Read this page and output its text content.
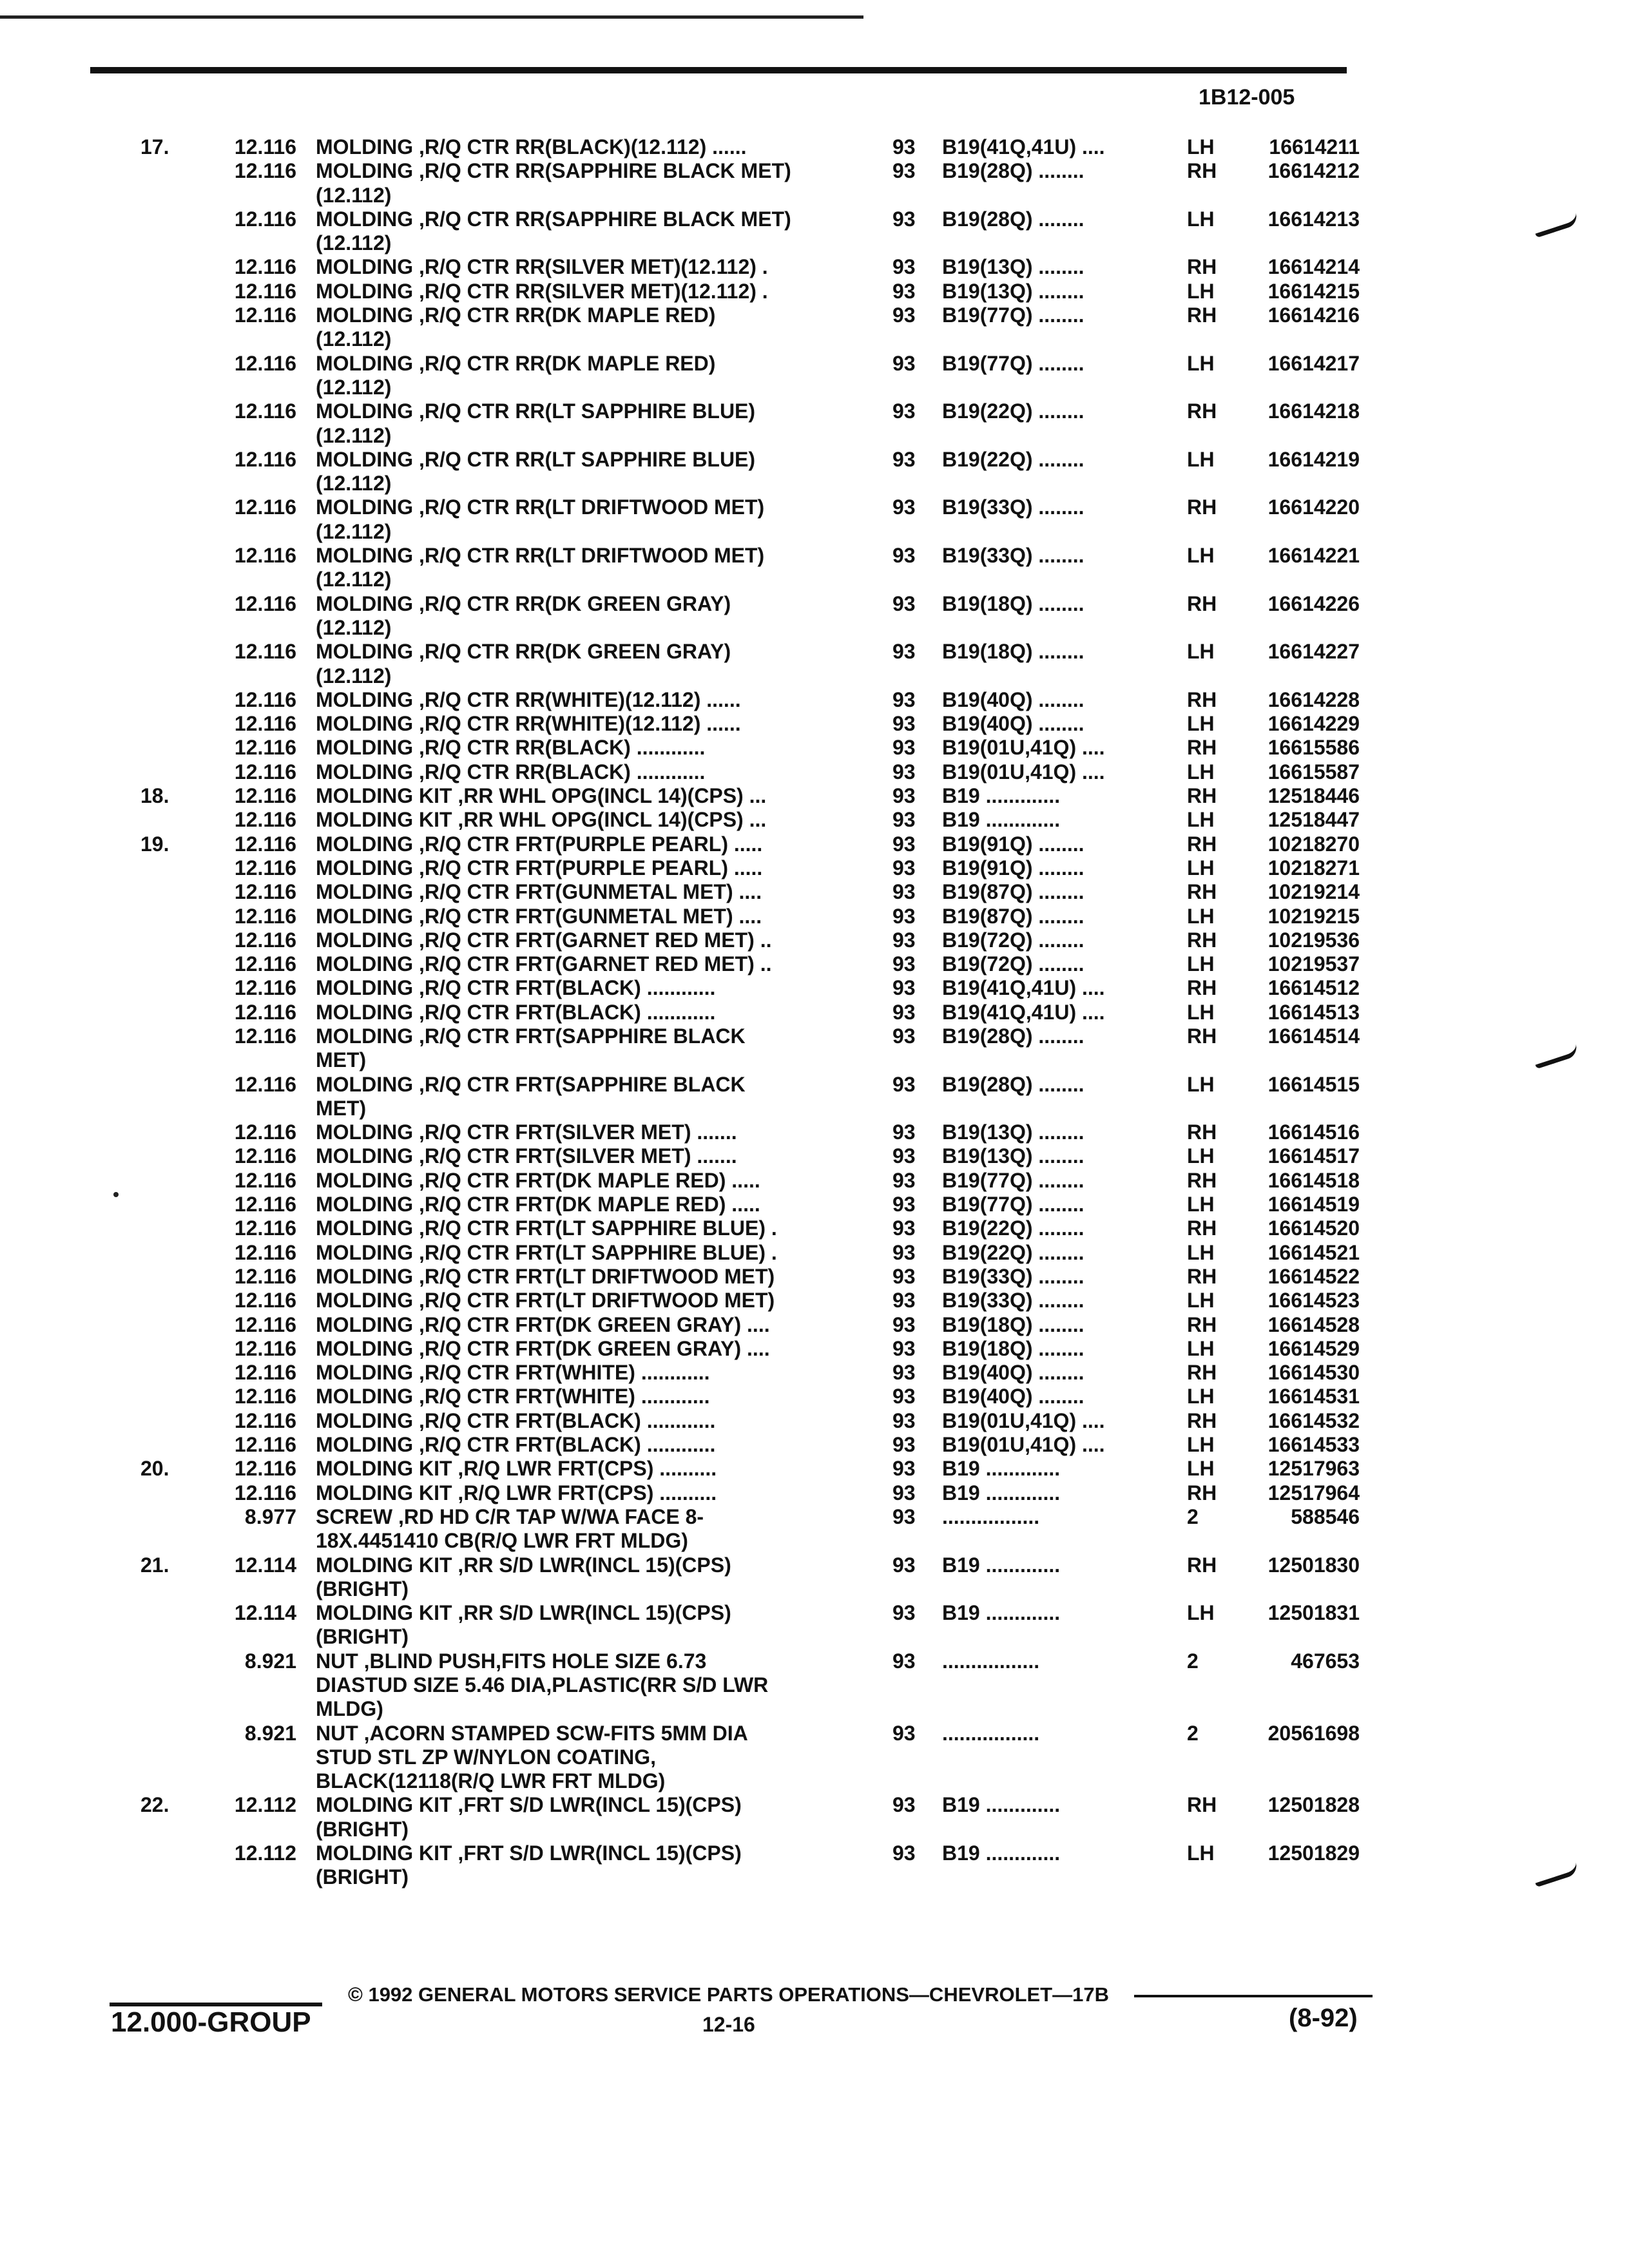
1B12-005
17.	12.116 MOLDING ,R/Q CTR RR(BLACK)(12.112) ......	93 B19(41Q,41U) ....	LH	16614211
12.116 MOLDING ,R/Q CTR RR(SAPPHIRE BLACK MET)	93 B19(28Q) ........	RH	16614212
(12.112)
12.116 MOLDING ,R/Q CTR RR(SAPPHIRE BLACK MET)	93 B19(28Q) ........	LH	16614213
(12.112)
12.116 MOLDING ,R/Q CTR RR(SILVER MET)(12.112) .	93 B19(13Q) ........	RH	16614214
12.116 MOLDING ,R/Q CTR RR(SILVER MET)(12.112) .	93 B19(13Q) ........	LH	16614215
12.116 MOLDING ,R/Q CTR RR(DK MAPLE RED)	93 B19(77Q) ........	RH	16614216
(12.112)
12.116 MOLDING ,R/Q CTR RR(DK MAPLE RED)	93 B19(77Q) ........	LH	16614217
(12.112)
12.116 MOLDING ,R/Q CTR RR(LT SAPPHIRE BLUE)	93 B19(22Q) ........	RH	16614218
(12.112)
12.116 MOLDING ,R/Q CTR RR(LT SAPPHIRE BLUE)	93 B19(22Q) ........	LH	16614219
(12.112)
12.116 MOLDING ,R/Q CTR RR(LT DRIFTWOOD MET)	93 B19(33Q) ........	RH	16614220
(12.112)
12.116 MOLDING ,R/Q CTR RR(LT DRIFTWOOD MET)	93 B19(33Q) ........	LH	16614221
(12.112)
12.116 MOLDING ,R/Q CTR RR(DK GREEN GRAY)	93 B19(18Q) ........	RH	16614226
(12.112)
12.116 MOLDING ,R/Q CTR RR(DK GREEN GRAY)	93 B19(18Q) ........	LH	16614227
(12.112)
12.116 MOLDING ,R/Q CTR RR(WHITE)(12.112) ......	93 B19(40Q) ........	RH	16614228
12.116 MOLDING ,R/Q CTR RR(WHITE)(12.112) ......	93 B19(40Q) ........	LH	16614229
12.116 MOLDING ,R/Q CTR RR(BLACK) ............	93 B19(01U,41Q) ....	RH	16615586
12.116 MOLDING ,R/Q CTR RR(BLACK) ............	93 B19(01U,41Q) ....	LH	16615587
18.	12.116 MOLDING KIT ,RR WHL OPG(INCL 14)(CPS) ...	93 B19 .............	RH	12518446
12.116 MOLDING KIT ,RR WHL OPG(INCL 14)(CPS) ...	93 B19 .............	LH	12518447
19.	12.116 MOLDING ,R/Q CTR FRT(PURPLE PEARL) .....	93 B19(91Q) ........	RH	10218270
12.116 MOLDING ,R/Q CTR FRT(PURPLE PEARL) .....	93 B19(91Q) ........	LH	10218271
12.116 MOLDING ,R/Q CTR FRT(GUNMETAL MET) ....	93 B19(87Q) ........	RH	10219214
12.116 MOLDING ,R/Q CTR FRT(GUNMETAL MET) ....	93 B19(87Q) ........	LH	10219215
12.116 MOLDING ,R/Q CTR FRT(GARNET RED MET) ..	93 B19(72Q) ........	RH	10219536
12.116 MOLDING ,R/Q CTR FRT(GARNET RED MET) ..	93 B19(72Q) ........	LH	10219537
12.116 MOLDING ,R/Q CTR FRT(BLACK) ............	93 B19(41Q,41U) ....	RH	16614512
12.116 MOLDING ,R/Q CTR FRT(BLACK) ............	93 B19(41Q,41U) ....	LH	16614513
12.116 MOLDING ,R/Q CTR FRT(SAPPHIRE BLACK	93 B19(28Q) ........	RH	16614514
MET)
12.116 MOLDING ,R/Q CTR FRT(SAPPHIRE BLACK	93 B19(28Q) ........	LH	16614515
MET)
12.116 MOLDING ,R/Q CTR FRT(SILVER MET) .......	93 B19(13Q) ........	RH	16614516
12.116 MOLDING ,R/Q CTR FRT(SILVER MET) .......	93 B19(13Q) ........	LH	16614517
12.116 MOLDING ,R/Q CTR FRT(DK MAPLE RED) .....	93 B19(77Q) ........	RH	16614518
12.116 MOLDING ,R/Q CTR FRT(DK MAPLE RED) .....	93 B19(77Q) ........	LH	16614519
12.116 MOLDING ,R/Q CTR FRT(LT SAPPHIRE BLUE) .	93 B19(22Q) ........	RH	16614520
12.116 MOLDING ,R/Q CTR FRT(LT SAPPHIRE BLUE) .	93 B19(22Q) ........	LH	16614521
12.116 MOLDING ,R/Q CTR FRT(LT DRIFTWOOD MET)	93 B19(33Q) ........	RH	16614522
12.116 MOLDING ,R/Q CTR FRT(LT DRIFTWOOD MET)	93 B19(33Q) ........	LH	16614523
12.116 MOLDING ,R/Q CTR FRT(DK GREEN GRAY) ....	93 B19(18Q) ........	RH	16614528
12.116 MOLDING ,R/Q CTR FRT(DK GREEN GRAY) ....	93 B19(18Q) ........	LH	16614529
12.116 MOLDING ,R/Q CTR FRT(WHITE) ............	93 B19(40Q) ........	RH	16614530
12.116 MOLDING ,R/Q CTR FRT(WHITE) ............	93 B19(40Q) ........	LH	16614531
12.116 MOLDING ,R/Q CTR FRT(BLACK) ............	93 B19(01U,41Q) ....	RH	16614532
12.116 MOLDING ,R/Q CTR FRT(BLACK) ............	93 B19(01U,41Q) ....	LH	16614533
20.	12.116 MOLDING KIT ,R/Q LWR FRT(CPS) ..........	93 B19 .............	LH	12517963
12.116 MOLDING KIT ,R/Q LWR FRT(CPS) ..........	93 B19 .............	RH	12517964
8.977 SCREW ,RD HD C/R TAP W/WA FACE 8-	93 .................	2	588546
18X.4451410 CB(R/Q LWR FRT MLDG)
21.	12.114 MOLDING KIT ,RR S/D LWR(INCL 15)(CPS)	93 B19 .............	RH	12501830
(BRIGHT)
12.114 MOLDING KIT ,RR S/D LWR(INCL 15)(CPS)	93 B19 .............	LH	12501831
(BRIGHT)
8.921 NUT ,BLIND PUSH,FITS HOLE SIZE 6.73	93 .................	2	467653
DIASTUD SIZE 5.46 DIA,PLASTIC(RR S/D LWR
MLDG)
8.921 NUT ,ACORN STAMPED SCW-FITS 5MM DIA	93 .................	2	20561698
STUD STL ZP W/NYLON COATING,
BLACK(12118(R/Q LWR FRT MLDG)
22.	12.112 MOLDING KIT ,FRT S/D LWR(INCL 15)(CPS)	93 B19 .............	RH	12501828
(BRIGHT)
12.112 MOLDING KIT ,FRT S/D LWR(INCL 15)(CPS)	93 B19 .............	LH	12501829
(BRIGHT)
© 1992 GENERAL MOTORS SERVICE PARTS OPERATIONS—CHEVROLET—17B
12.000-GROUP	12-16	(8-92)
